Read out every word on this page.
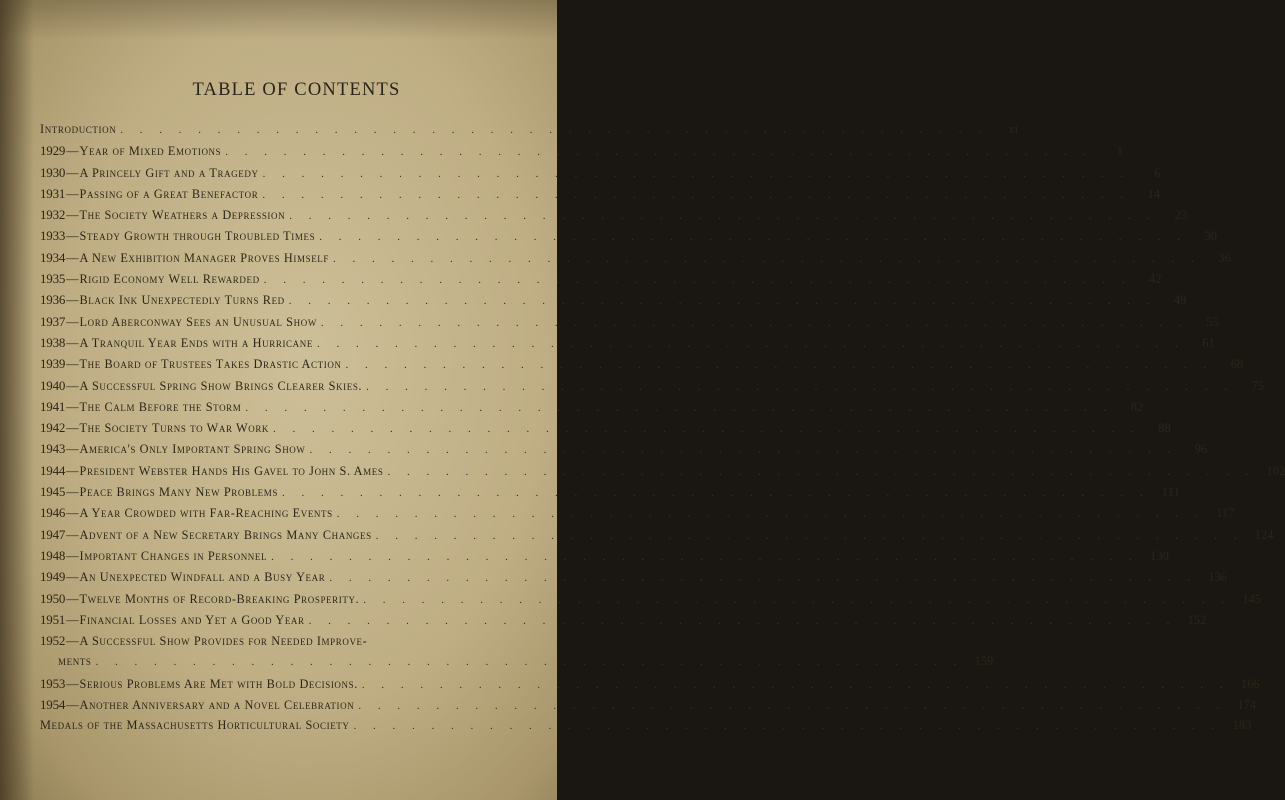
TABLE OF CONTENTS
Introduction . . . . . . . . . . . . . . . . . . . . . . . . . . . . . . . . . . . . . . . . . . . . .	xi
1929 — Year of Mixed Emotions . . . . . . . . . . . . . . . . . . . . . . . . . . . . . . . . . . . . . . . . . . . . .	1
1930 — A Princely Gift and a Tragedy . . . . . . . . . . . . . . . . . . . . . . . . . . . . . . . . . . . . . . . . . . . . .	6
1931 — Passing of a Great Benefactor . . . . . . . . . . . . . . . . . . . . . . . . . . . . . . . . . . . . . . . . . . . . .	14
1932 — The Society Weathers a Depression . . . . . . . . . . . . . . . . . . . . . . . . . . . . . . . . . . . . . . . . . . . . .	23
1933 — Steady Growth through Troubled Times . . . . . . . . . . . . . . . . . . . . . . . . . . . . . . . . . . . . . . . . . . . . .	30
1934 — A New Exhibition Manager Proves Himself . . . . . . . . . . . . . . . . . . . . . . . . . . . . . . . . . . . . . . . . . . . . .	36
1935 — Rigid Economy Well Rewarded . . . . . . . . . . . . . . . . . . . . . . . . . . . . . . . . . . . . . . . . . . . . .	42
1936 — Black Ink Unexpectedly Turns Red . . . . . . . . . . . . . . . . . . . . . . . . . . . . . . . . . . . . . . . . . . . . .	49
1937 — Lord Aberconway Sees an Unusual Show . . . . . . . . . . . . . . . . . . . . . . . . . . . . . . . . . . . . . . . . . . . . .	55
1938 — A Tranquil Year Ends with a Hurricane . . . . . . . . . . . . . . . . . . . . . . . . . . . . . . . . . . . . . . . . . . . . .	61
1939 — The Board of Trustees Takes Drastic Action . . . . . . . . . . . . . . . . . . . . . . . . . . . . . . . . . . . . . . . . . . . . .	68
1940 — A Successful Spring Show Brings Clearer Skies. . . . . . . . . . . . . . . . . . . . . . . . . . . . . . . . . . . . . . . . . . . . . .	75
1941 — The Calm Before the Storm . . . . . . . . . . . . . . . . . . . . . . . . . . . . . . . . . . . . . . . . . . . . .	82
1942 — The Society Turns to War Work . . . . . . . . . . . . . . . . . . . . . . . . . . . . . . . . . . . . . . . . . . . . .	88
1943 — America's Only Important Spring Show . . . . . . . . . . . . . . . . . . . . . . . . . . . . . . . . . . . . . . . . . . . . .	96
1944 — President Webster Hands His Gavel to John S. Ames . . . . . . . . . . . . . . . . . . . . . . . . . . . . . . . . . . . . . . . . . . . . . 102
1945 — Peace Brings Many New Problems . . . . . . . . . . . . . . . . . . . . . . . . . . . . . . . . . . . . . . . . . . . . . 111
1946 — A Year Crowded with Far-Reaching Events . . . . . . . . . . . . . . . . . . . . . . . . . . . . . . . . . . . . . . . . . . . . . 117
1947 — Advent of a New Secretary Brings Many Changes . . . . . . . . . . . . . . . . . . . . . . . . . . . . . . . . . . . . . . . . . . . . . 124
1948 — Important Changes in Personnel . . . . . . . . . . . . . . . . . . . . . . . . . . . . . . . . . . . . . . . . . . . . . 130
1949 — An Unexpected Windfall and a Busy Year . . . . . . . . . . . . . . . . . . . . . . . . . . . . . . . . . . . . . . . . . . . . . 136
1950 — Twelve Months of Record-Breaking Prosperity. . . . . . . . . . . . . . . . . . . . . . . . . . . . . . . . . . . . . . . . . . . . . . 145
1951 — Financial Losses and Yet a Good Year . . . . . . . . . . . . . . . . . . . . . . . . . . . . . . . . . . . . . . . . . . . . . 152
1952 — A Successful Show Provides for Needed Improve-
ments . . . . . . . . . . . . . . . . . . . . . . . . . . . . . . . . . . . . . . . . . . . . . 159
1953 — Serious Problems Are Met with Bold Decisions. . . . . . . . . . . . . . . . . . . . . . . . . . . . . . . . . . . . . . . . . . . . . . 166
1954 — Another Anniversary and a Novel Celebration . . . . . . . . . . . . . . . . . . . . . . . . . . . . . . . . . . . . . . . . . . . . . 174
Medals of the Massachusetts Horticultural Society . . . . . . . . . . . . . . . . . . . . . . . . . . . . . . . . . . . . . . . . . . . . . 183
